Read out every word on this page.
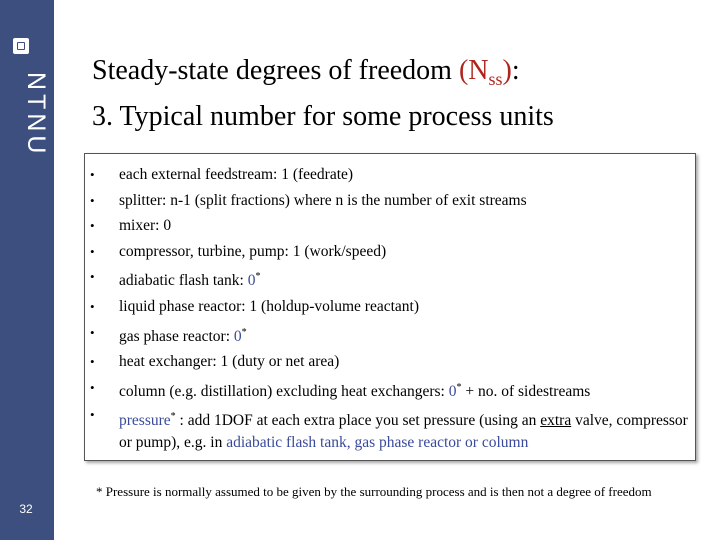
NTNU
32
Steady-state degrees of freedom $(N_{ss})$:
3. Typical number for some process units
• each external feedstream: 1 (feedrate)
• splitter: n-1 (split fractions) where n is the number of exit streams
• mixer: 0
• compressor, turbine, pump: 1 (work/speed)
• adiabatic flash tank: 0*
• liquid phase reactor: 1 (holdup-volume reactant)
• gas phase reactor: 0*
• heat exchanger: 1 (duty or net area)
• column (e.g. distillation) excluding heat exchangers: 0* + no. of sidestreams
• pressure* : add 1DOF at each extra place you set pressure (using an extra valve, compressor or pump), e.g. in adiabatic flash tank, gas phase reactor or column
* Pressure is normally assumed to be given by the surrounding process and is then not a degree of freedom
